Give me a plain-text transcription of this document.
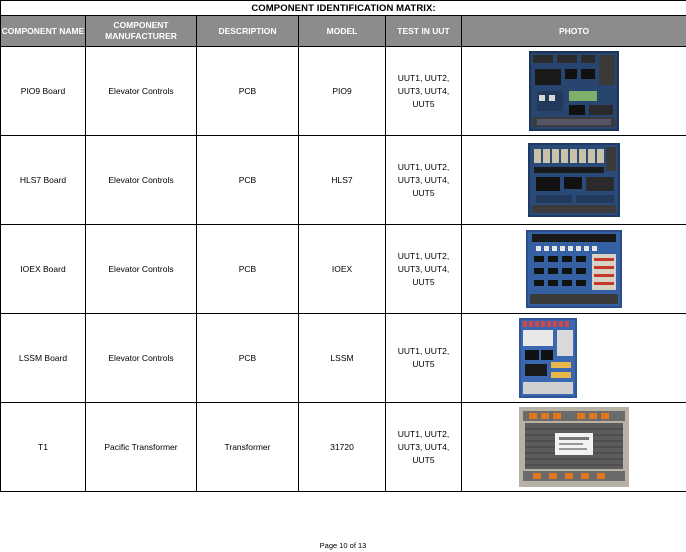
COMPONENT IDENTIFICATION MATRIX:					
COMPONENT NAME	COMPONENT MANUFACTURER	DESCRIPTION	MODEL	TEST IN UUT	PHOTO
PIO9 Board	Elevator Controls	PCB	PIO9	UUT1, UUT2, UUT3, UUT4, UUT5	

HLS7 Board	Elevator Controls	PCB	HLS7	UUT1, UUT2, UUT3, UUT4, UUT5	

IOEX Board	Elevator Controls	PCB	IOEX	UUT1, UUT2, UUT3, UUT4, UUT5	

LSSM Board	Elevator Controls	PCB	LSSM	UUT1, UUT2, UUT5	

T1	Pacific Transformer	Transformer	31720	UUT1, UUT2, UUT3, UUT4, UUT5	
Page 10 of 13
